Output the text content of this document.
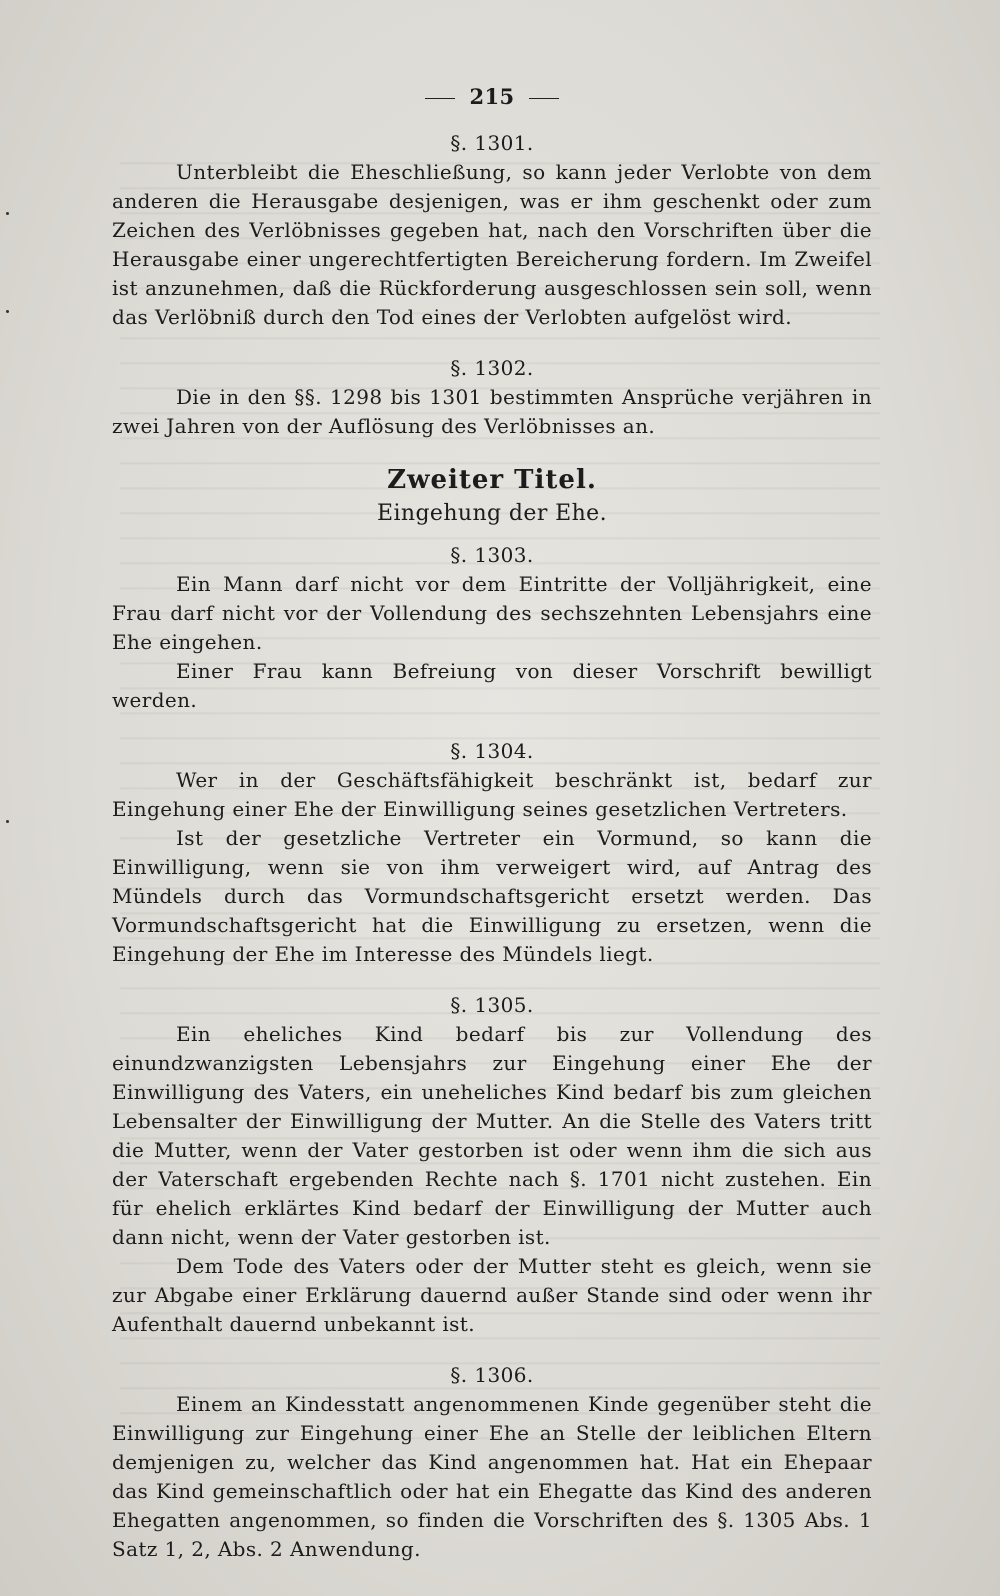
215
§. 1301.

Unterbleibt die Eheschließung, so kann jeder Verlobte von dem anderen die Herausgabe desjenigen, was er ihm geschenkt oder zum Zeichen des Verlöbnisses gegeben hat, nach den Vorschriften über die Herausgabe einer ungerechtfertigten Bereicherung fordern. Im Zweifel ist anzunehmen, daß die Rückforderung ausgeschlossen sein soll, wenn das Verlöbniß durch den Tod eines der Verlobten aufgelöst wird.

§. 1302.

Die in den §§. 1298 bis 1301 bestimmten Ansprüche verjähren in zwei Jahren von der Auflösung des Verlöbnisses an.

Zweiter Titel.
Eingehung der Ehe.
§. 1303.

Ein Mann darf nicht vor dem Eintritte der Volljährigkeit, eine Frau darf nicht vor der Vollendung des sechszehnten Lebensjahrs eine Ehe eingehen.

Einer Frau kann Befreiung von dieser Vorschrift bewilligt werden.

§. 1304.

Wer in der Geschäftsfähigkeit beschränkt ist, bedarf zur Eingehung einer Ehe der Einwilligung seines gesetzlichen Vertreters.

Ist der gesetzliche Vertreter ein Vormund, so kann die Einwilligung, wenn sie von ihm verweigert wird, auf Antrag des Mündels durch das Vormundschaftsgericht ersetzt werden. Das Vormundschaftsgericht hat die Einwilligung zu ersetzen, wenn die Eingehung der Ehe im Interesse des Mündels liegt.

§. 1305.

Ein eheliches Kind bedarf bis zur Vollendung des einundzwanzigsten Lebensjahrs zur Eingehung einer Ehe der Einwilligung des Vaters, ein uneheliches Kind bedarf bis zum gleichen Lebensalter der Einwilligung der Mutter. An die Stelle des Vaters tritt die Mutter, wenn der Vater gestorben ist oder wenn ihm die sich aus der Vaterschaft ergebenden Rechte nach §. 1701 nicht zustehen. Ein für ehelich erklärtes Kind bedarf der Einwilligung der Mutter auch dann nicht, wenn der Vater gestorben ist.

Dem Tode des Vaters oder der Mutter steht es gleich, wenn sie zur Abgabe einer Erklärung dauernd außer Stande sind oder wenn ihr Aufenthalt dauernd unbekannt ist.

§. 1306.

Einem an Kindesstatt angenommenen Kinde gegenüber steht die Einwilligung zur Eingehung einer Ehe an Stelle der leiblichen Eltern demjenigen zu, welcher das Kind angenommen hat. Hat ein Ehepaar das Kind gemeinschaftlich oder hat ein Ehegatte das Kind des anderen Ehegatten angenommen, so finden die Vorschriften des §. 1305 Abs. 1 Satz 1, 2, Abs. 2 Anwendung.
